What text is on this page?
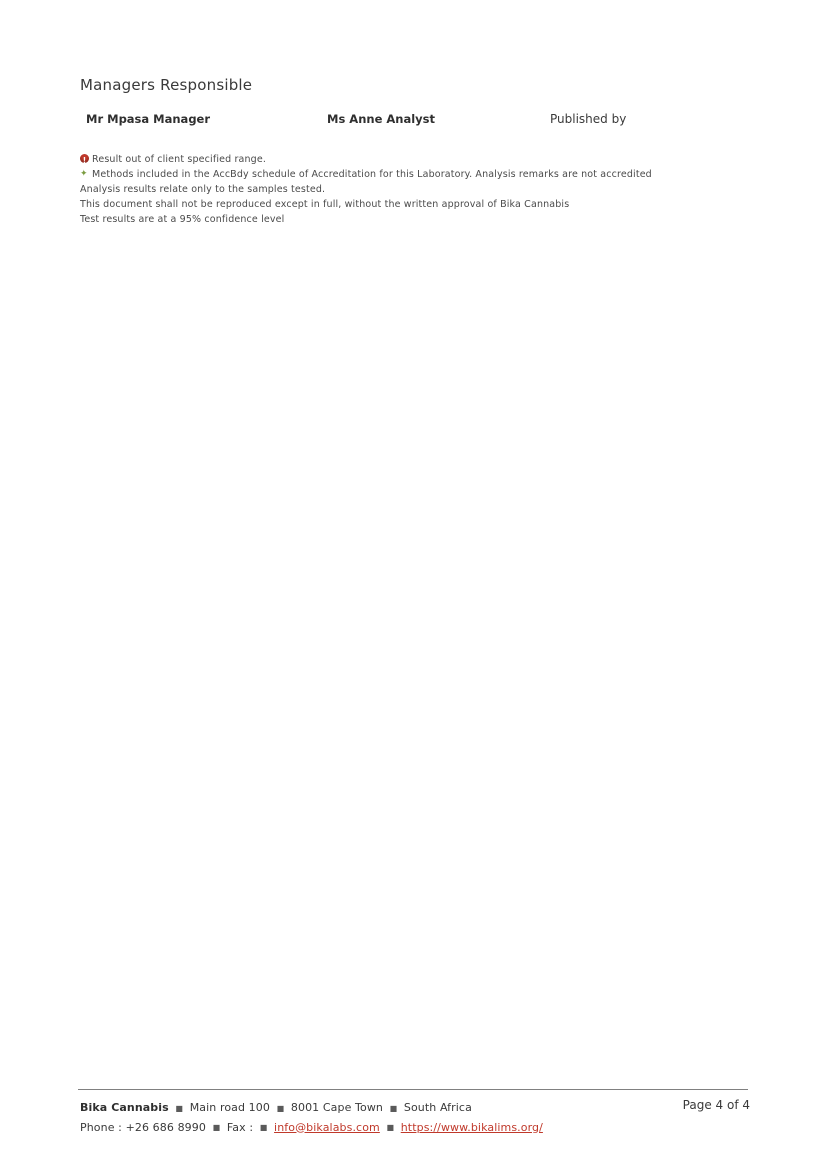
Managers Responsible
Mr Mpasa Manager	Ms Anne Analyst	Published by
!
Result out of client specified range.
✦ Methods included in the AccBdy schedule of Accreditation for this Laboratory. Analysis remarks are not accredited
Analysis results relate only to the samples tested.
This document shall not be reproduced except in full, without the written approval of Bika Cannabis
Test results are at a 95% confidence level
Bika Cannabis ■ Main road 100 ■ 8001 Cape Town ■ South Africa
Phone : +26 686 8990 ■ Fax : ■ info@bikalabs.com ■ https://www.bikalims.org/
Page 4 of 4
